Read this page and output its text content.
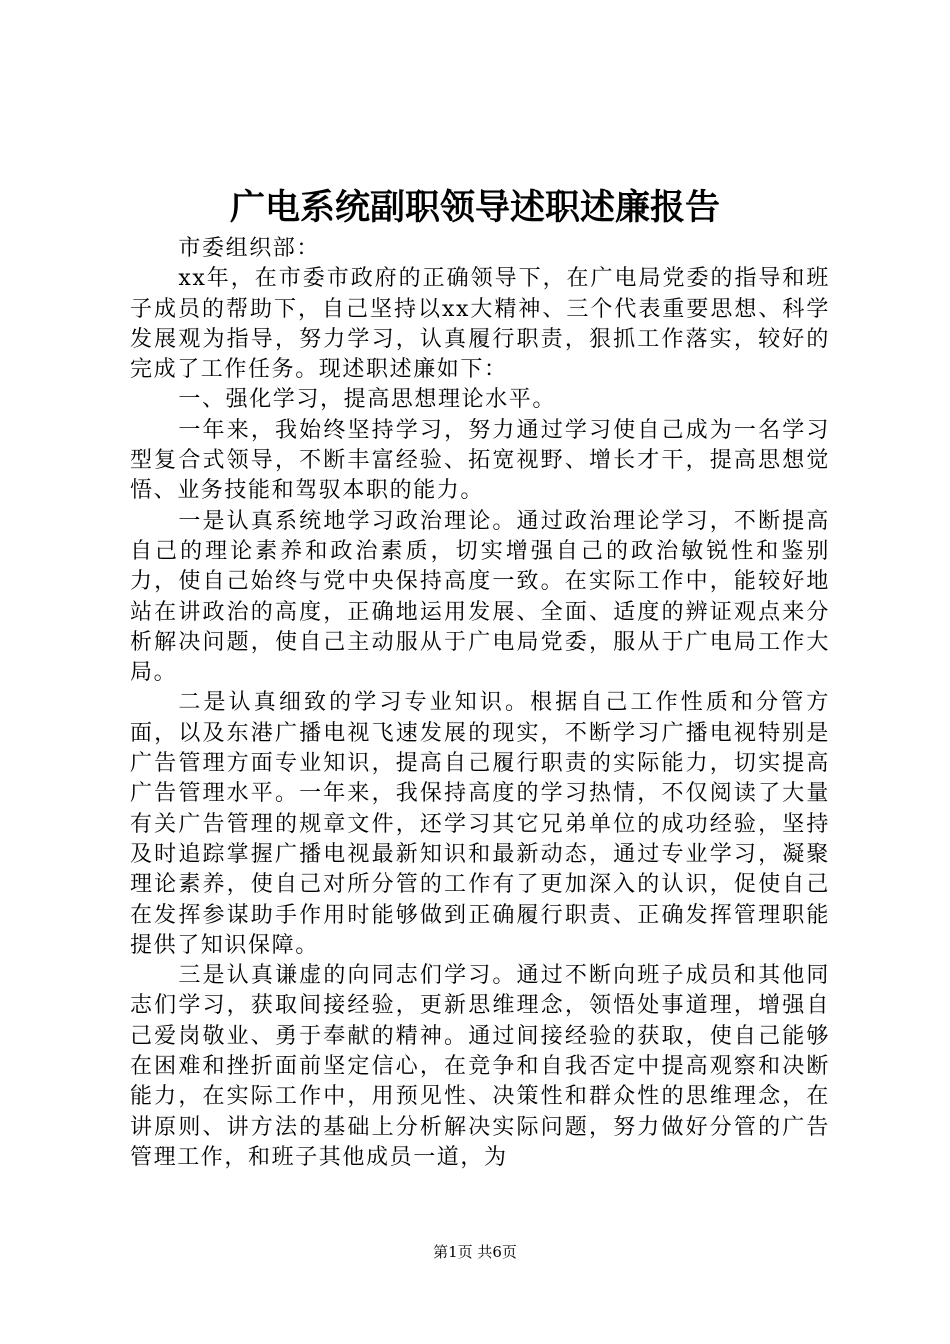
广电系统副职领导述职述廉报告

市委组织部：

xx年，在市委市政府的正确领导下，在广电局党委的指导和班子成员的帮助下，自己坚持以xx大精神、三个代表重要思想、科学发展观为指导，努力学习，认真履行职责，狠抓工作落实，较好的完成了工作任务。现述职述廉如下：

一、强化学习，提高思想理论水平。

一年来，我始终坚持学习，努力通过学习使自己成为一名学习型复合式领导，不断丰富经验、拓宽视野、增长才干，提高思想觉悟、业务技能和驾驭本职的能力。

一是认真系统地学习政治理论。通过政治理论学习，不断提高自己的理论素养和政治素质，切实增强自己的政治敏锐性和鉴别力，使自己始终与党中央保持高度一致。在实际工作中，能较好地站在讲政治的高度，正确地运用发展、全面、适度的辨证观点来分析解决问题，使自己主动服从于广电局党委，服从于广电局工作大局。

二是认真细致的学习专业知识。根据自己工作性质和分管方面，以及东港广播电视飞速发展的现实，不断学习广播电视特别是广告管理方面专业知识，提高自己履行职责的实际能力，切实提高广告管理水平。一年来，我保持高度的学习热情，不仅阅读了大量有关广告管理的规章文件，还学习其它兄弟单位的成功经验，坚持及时追踪掌握广播电视最新知识和最新动态，通过专业学习，凝聚理论素养，使自己对所分管的工作有了更加深入的认识，促使自己在发挥参谋助手作用时能够做到正确履行职责、正确发挥管理职能提供了知识保障。

三是认真谦虚的向同志们学习。通过不断向班子成员和其他同志们学习，获取间接经验，更新思维理念，领悟处事道理，增强自己爱岗敬业、勇于奉献的精神。通过间接经验的获取，使自己能够在困难和挫折面前坚定信心，在竞争和自我否定中提高观察和决断能力，在实际工作中，用预见性、决策性和群众性的思维理念，在讲原则、讲方法的基础上分析解决实际问题，努力做好分管的广告管理工作，和班子其他成员一道，为

第1页 共6页
